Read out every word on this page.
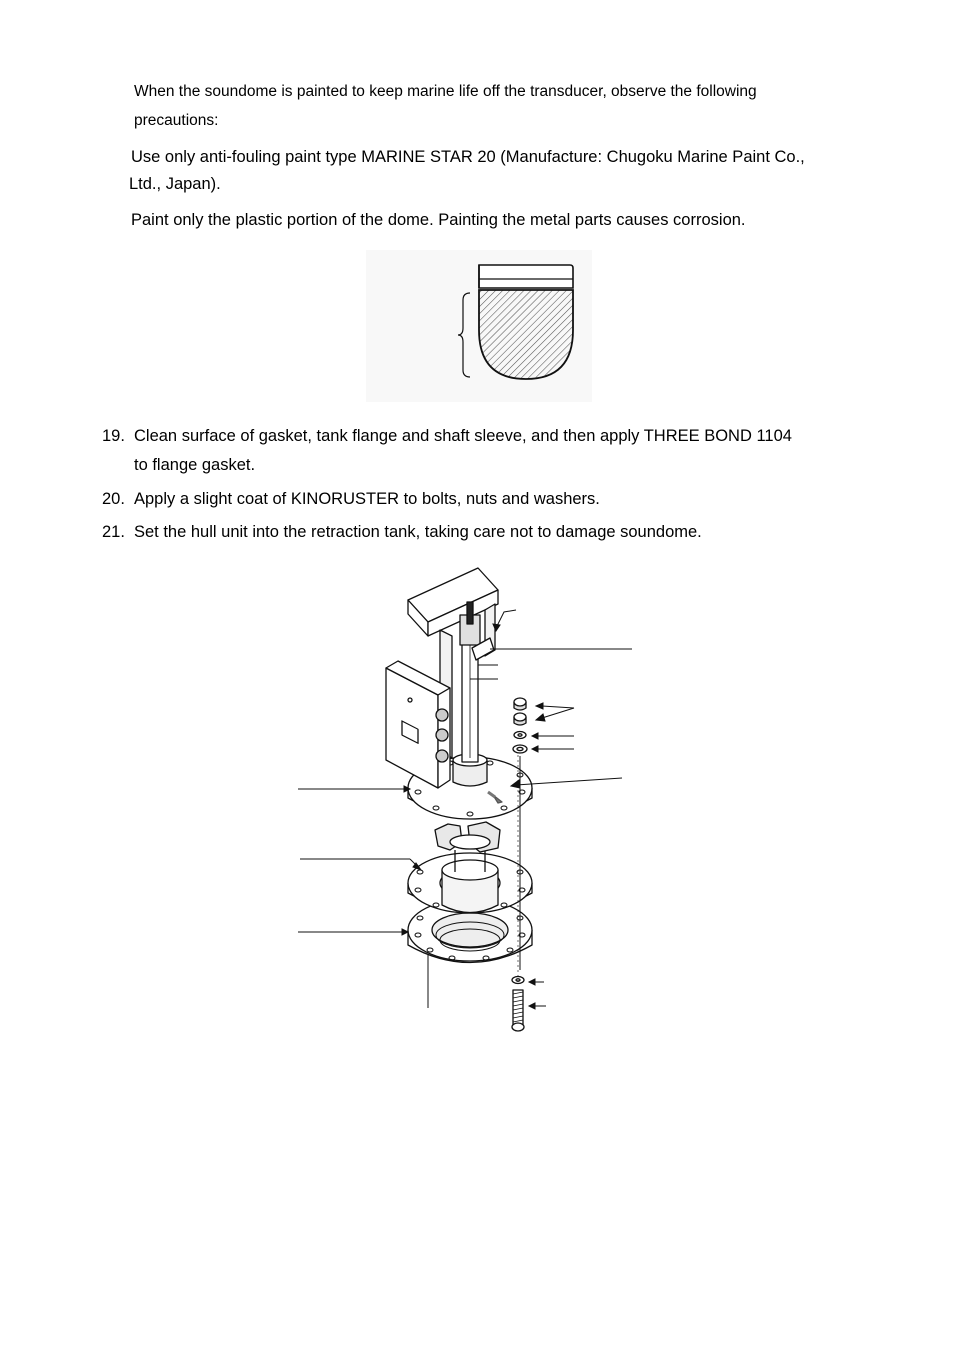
When the soundome is painted to keep marine life off the transducer, observe the following

precautions:

Use only anti-fouling paint type MARINE STAR 20 (Manufacture: Chugoku Marine Paint Co.,

Ltd., Japan).

Paint only the plastic portion of the dome. Painting the metal parts causes corrosion.

19. Clean surface of gasket, tank flange and shaft sleeve, and then apply THREE BOND 1104

to flange gasket.

20. Apply a slight coat of KINORUSTER to bolts, nuts and washers.

21. Set the hull unit into the retraction tank, taking care not to damage soundome.
